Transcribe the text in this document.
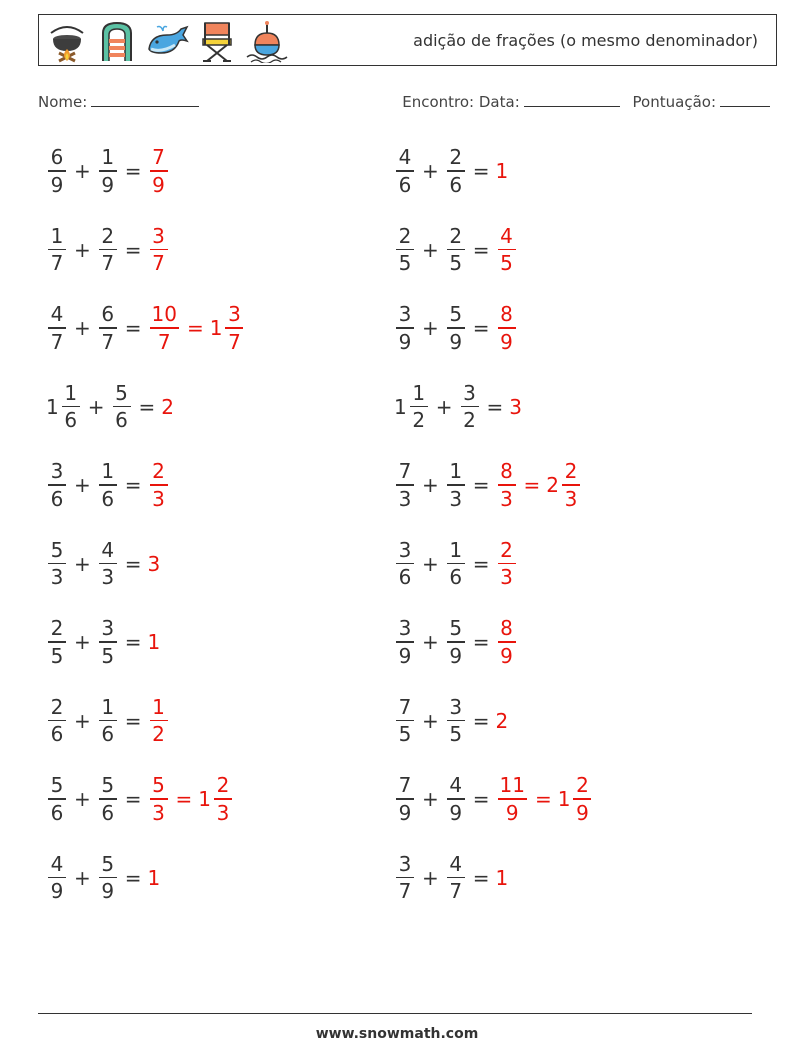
adição de frações (o mesmo denominador)
Nome:	Encontro: Data:	Pontuação:
$\frac{6}{9} + \frac{1}{9} = \frac{7}{9}$	$\frac{4}{6} + \frac{2}{6} = 1$
$\frac{1}{7} + \frac{2}{7} = \frac{3}{7}$	$\frac{2}{5} + \frac{2}{5} = \frac{4}{5}$
$\frac{4}{7} + \frac{6}{7} = \frac{10}{7} = 1 \frac{3}{7}$	$\frac{3}{9} + \frac{5}{9} = \frac{8}{9}$
$1 \frac{1}{6} + \frac{5}{6} = 2$	$1 \frac{1}{2} + \frac{3}{2} = 3$
$\frac{3}{6} + \frac{1}{6} = \frac{2}{3}$	$\frac{7}{3} + \frac{1}{3} = \frac{8}{3} = 2 \frac{2}{3}$
$\frac{5}{3} + \frac{4}{3} = 3$	$\frac{3}{6} + \frac{1}{6} = \frac{2}{3}$
$\frac{2}{5} + \frac{3}{5} = 1$	$\frac{3}{9} + \frac{5}{9} = \frac{8}{9}$
$\frac{2}{6} + \frac{1}{6} = \frac{1}{2}$	$\frac{7}{5} + \frac{3}{5} = 2$
$\frac{5}{6} + \frac{5}{6} = \frac{5}{3} = 1 \frac{2}{3}$	$\frac{7}{9} + \frac{4}{9} = \frac{11}{9} = 1 \frac{2}{9}$
$\frac{4}{9} + \frac{5}{9} = 1$	$\frac{3}{7} + \frac{4}{7} = 1$
www.snowmath.com
